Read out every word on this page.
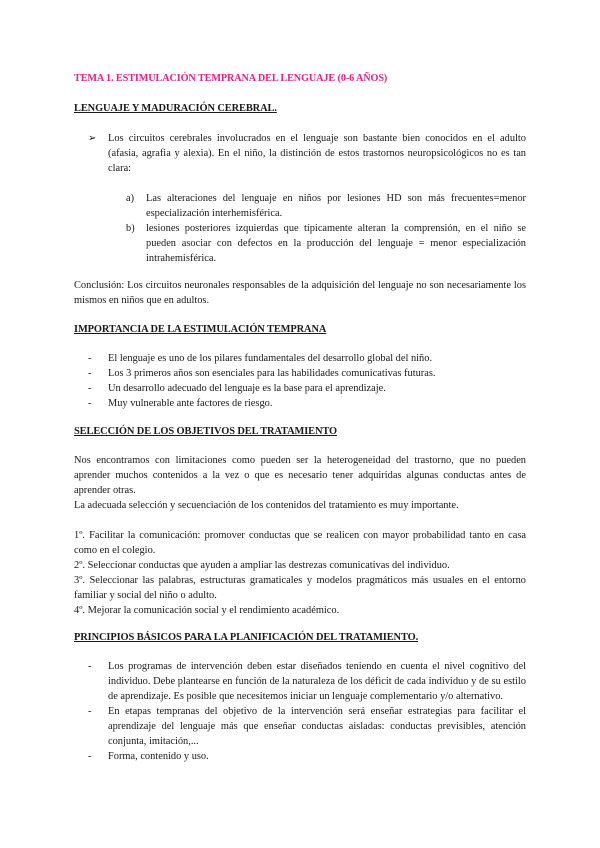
TEMA 1. ESTIMULACIÓN TEMPRANA DEL LENGUAJE (0-6 AÑOS)
LENGUAJE Y MADURACIÓN CEREBRAL.
➢ Los circuitos cerebrales involucrados en el lenguaje son bastante bien conocidos en el adulto (afasia, agrafia y alexia). En el niño, la distinción de estos trastornos neuropsicológicos no es tan clara:
a) Las alteraciones del lenguaje en niños por lesiones HD son más frecuentes=menor especialización interhemisférica.
b) lesiones posteriores izquierdas que típicamente alteran la comprensión, en el niño se pueden asociar con defectos en la producción del lenguaje = menor especialización intrahemisférica.
Conclusión: Los circuitos neuronales responsables de la adquisición del lenguaje no son necesariamente los mismos en niños que en adultos.
IMPORTANCIA DE LA ESTIMULACIÓN TEMPRANA
- El lenguaje es uno de los pilares fundamentales del desarrollo global del niño.
- Los 3 primeros años son esenciales para las habilidades comunicativas futuras.
- Un desarrollo adecuado del lenguaje es la base para el aprendizaje.
- Muy vulnerable ante factores de riesgo.
SELECCIÓN DE LOS OBJETIVOS DEL TRATAMIENTO

Nos encontramos con limitaciones como pueden ser la heterogeneidad del trastorno, que no pueden aprender muchos contenidos a la vez o que es necesario tener adquiridas algunas conductas antes de aprender otras.

La adecuada selección y secuenciación de los contenidos del tratamiento es muy importante.

1º. Facilitar la comunicación: promover conductas que se realicen con mayor probabilidad tanto en casa como en el colegio.

2º. Seleccionar conductas que ayuden a ampliar las destrezas comunicativas del individuo.

3º. Seleccionar las palabras, estructuras gramaticales y modelos pragmáticos más usuales en el entorno familiar y social del niño o adulto.

4º. Mejorar la comunicación social y el rendimiento académico.

PRINCIPIOS BÁSICOS PARA LA PLANIFICACIÓN DEL TRATAMIENTO.
- Los programas de intervención deben estar diseñados teniendo en cuenta el nivel cognitivo del individuo. Debe plantearse en función de la naturaleza de los déficit de cada individuo y de su estilo de aprendizaje. Es posible que necesitemos iniciar un lenguaje complementario y/o alternativo.
- En etapas tempranas del objetivo de la intervención será enseñar estrategias para facilitar el aprendizaje del lenguaje más que enseñar conductas aisladas: conductas previsibles, atención conjunta, imitación,...
- Forma, contenido y uso.
